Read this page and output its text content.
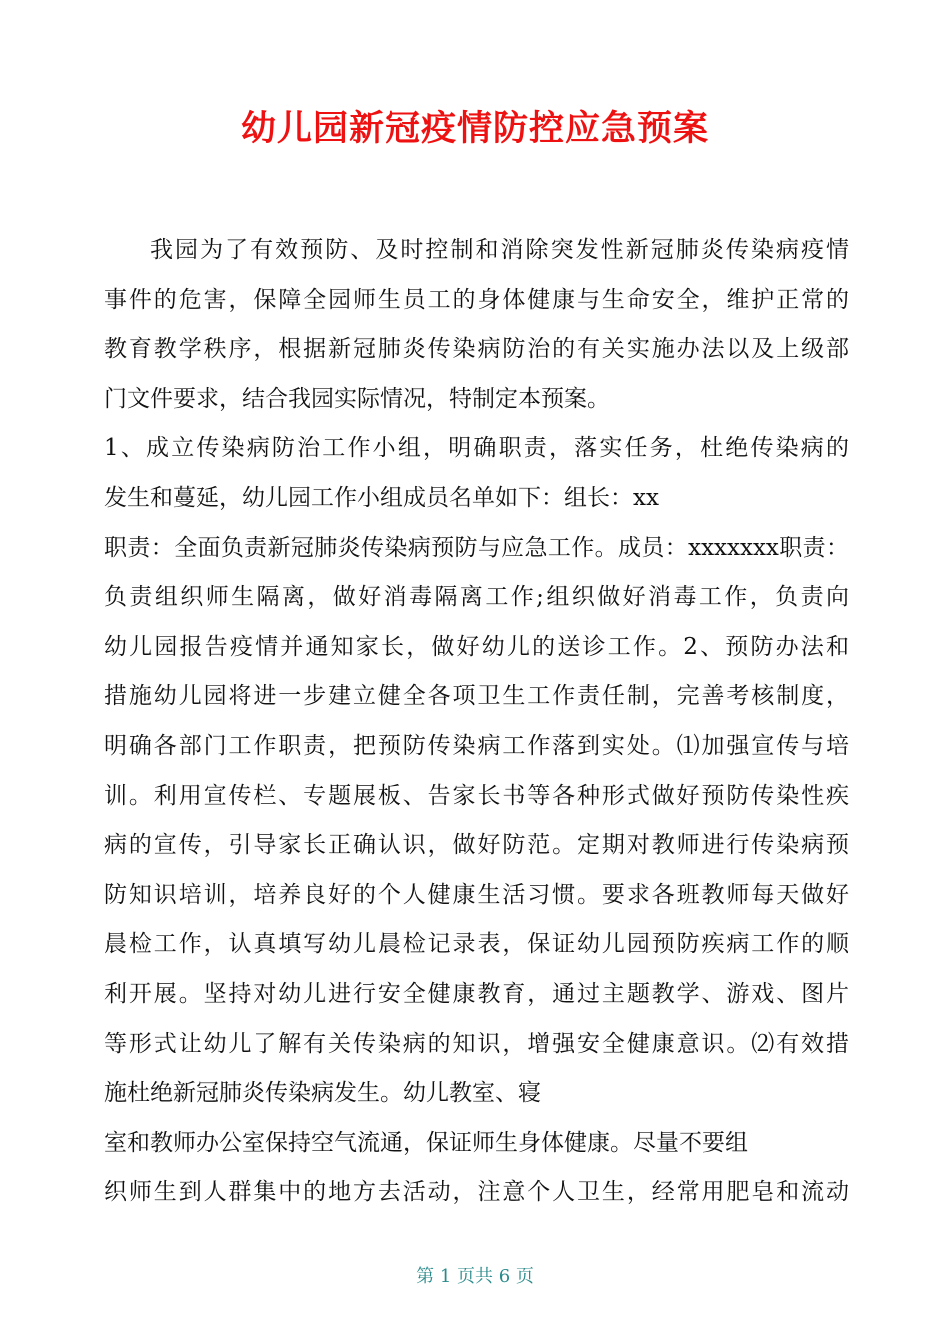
幼儿园新冠疫情防控应急预案
我园为了有效预防、及时控制和消除突发性新冠肺炎传染病疫情
事件的危害，保障全园师生员工的身体健康与生命安全，维护正常的
教育教学秩序，根据新冠肺炎传染病防治的有关实施办法以及上级部
门文件要求，结合我园实际情况，特制定本预案。
1、成立传染病防治工作小组，明确职责，落实任务，杜绝传染病的
发生和蔓延，幼儿园工作小组成员名单如下：组长：xx
职责：全面负责新冠肺炎传染病预防与应急工作。成员：xxxxxxx职责：
负责组织师生隔离，做好消毒隔离工作;组织做好消毒工作，负责向
幼儿园报告疫情并通知家长，做好幼儿的送诊工作。2、预防办法和
措施幼儿园将进一步建立健全各项卫生工作责任制，完善考核制度，
明确各部门工作职责，把预防传染病工作落到实处。⑴加强宣传与培
训。利用宣传栏、专题展板、告家长书等各种形式做好预防传染性疾
病的宣传，引导家长正确认识，做好防范。定期对教师进行传染病预
防知识培训，培养良好的个人健康生活习惯。要求各班教师每天做好
晨检工作，认真填写幼儿晨检记录表，保证幼儿园预防疾病工作的顺
利开展。坚持对幼儿进行安全健康教育，通过主题教学、游戏、图片
等形式让幼儿了解有关传染病的知识，增强安全健康意识。⑵有效措
施杜绝新冠肺炎传染病发生。幼儿教室、寝
室和教师办公室保持空气流通，保证师生身体健康。尽量不要组
织师生到人群集中的地方去活动，注意个人卫生，经常用肥皂和流动
第 1 页共 6 页
